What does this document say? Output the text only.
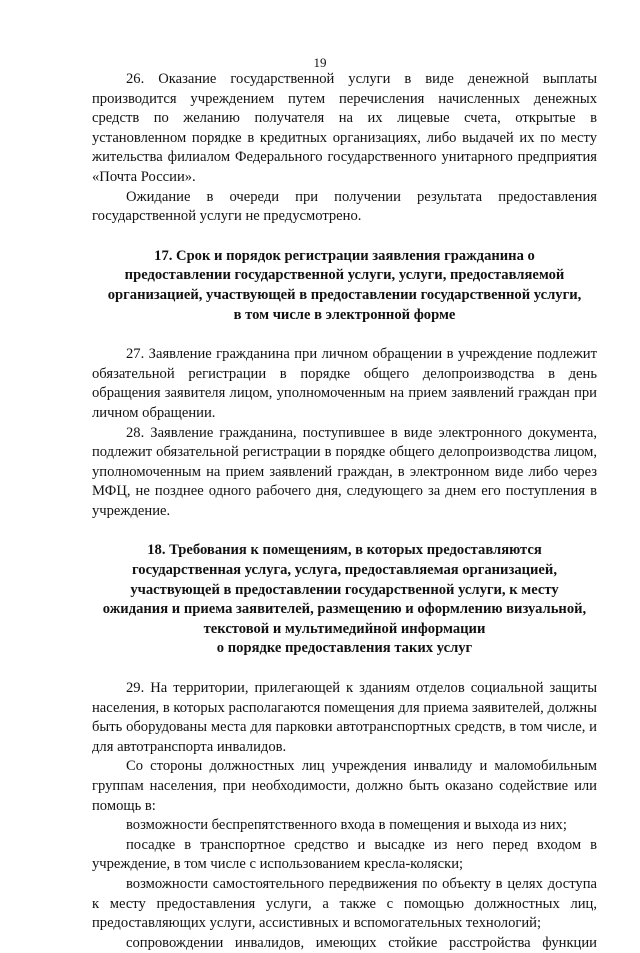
19

26. Оказание государственной услуги в виде денежной выплаты производится учреждением путем перечисления начисленных денежных средств по желанию получателя на их лицевые счета, открытые в установленном порядке в кредитных организациях, либо выдачей их по месту жительства филиалом Федерального государственного унитарного предприятия «Почта России».

Ожидание в очереди при получении результата предоставления государственной услуги не предусмотрено.

17. Срок и порядок регистрации заявления гражданина о
предоставлении государственной услуги, услуги, предоставляемой
организацией, участвующей в предоставлении государственной услуги,
в том числе в электронной форме

27. Заявление гражданина при личном обращении в учреждение подлежит обязательной регистрации в порядке общего делопроизводства в день обращения заявителя лицом, уполномоченным на прием заявлений граждан при личном обращении.

28. Заявление гражданина, поступившее в виде электронного документа, подлежит обязательной регистрации в порядке общего делопроизводства лицом, уполномоченным на прием заявлений граждан, в электронном виде либо через МФЦ, не позднее одного рабочего дня, следующего за днем его поступления в учреждение.

18. Требования к помещениям, в которых предоставляются
государственная услуга, услуга, предоставляемая организацией,
участвующей в предоставлении государственной услуги, к месту
ожидания и приема заявителей, размещению и оформлению визуальной,
текстовой и мультимедийной информации
о порядке предоставления таких услуг

29. На территории, прилегающей к зданиям отделов социальной защиты населения, в которых располагаются помещения для приема заявителей, должны быть оборудованы места для парковки автотранспортных средств, в том числе, и для автотранспорта инвалидов.

Со стороны должностных лиц учреждения инвалиду и маломобильным группам населения, при необходимости, должно быть оказано содействие или помощь в:

возможности беспрепятственного входа в помещения и выхода из них;

посадке в транспортное средство и высадке из него перед входом в учреждение, в том числе с использованием кресла-коляски;

возможности самостоятельного передвижения по объекту в целях доступа к месту предоставления услуги, а также с помощью должностных лиц, предоставляющих услуги, ассистивных и вспомогательных технологий;

сопровождении инвалидов, имеющих стойкие расстройства функции
